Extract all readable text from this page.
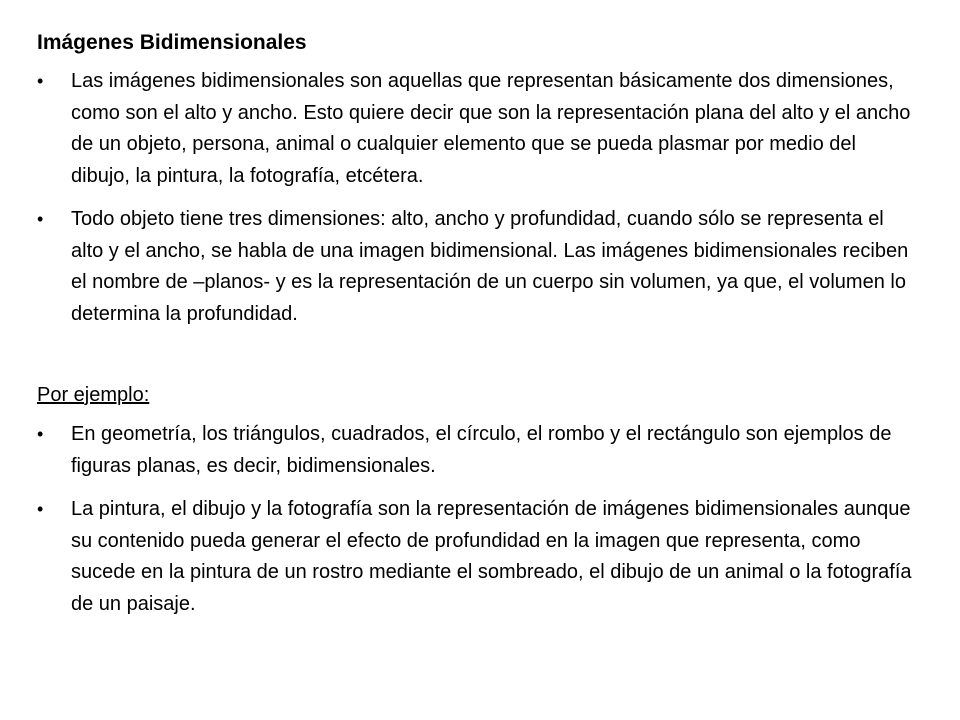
Imágenes Bidimensionales
•	Las imágenes bidimensionales son aquellas que representan básicamente dos dimensiones, como son el alto y ancho. Esto quiere decir que son la representación plana del alto y el ancho de un objeto, persona, animal o cualquier elemento que se pueda plasmar por medio del dibujo, la pintura, la fotografía, etcétera.
•	Todo objeto tiene tres dimensiones: alto, ancho y profundidad, cuando sólo se representa el alto y el ancho, se habla de una imagen bidimensional. Las imágenes bidimensionales reciben el nombre de –planos- y es la representación de un cuerpo sin volumen, ya que, el volumen lo determina la profundidad.
Por ejemplo:
•	En geometría, los triángulos, cuadrados, el círculo, el rombo y el rectángulo son ejemplos de figuras planas, es decir, bidimensionales.
•	La pintura, el dibujo y la fotografía son la representación de imágenes bidimensionales aunque su contenido pueda generar el efecto de profundidad en la imagen que representa, como sucede en la pintura de un rostro mediante el sombreado, el dibujo de un animal o la fotografía de un paisaje.
